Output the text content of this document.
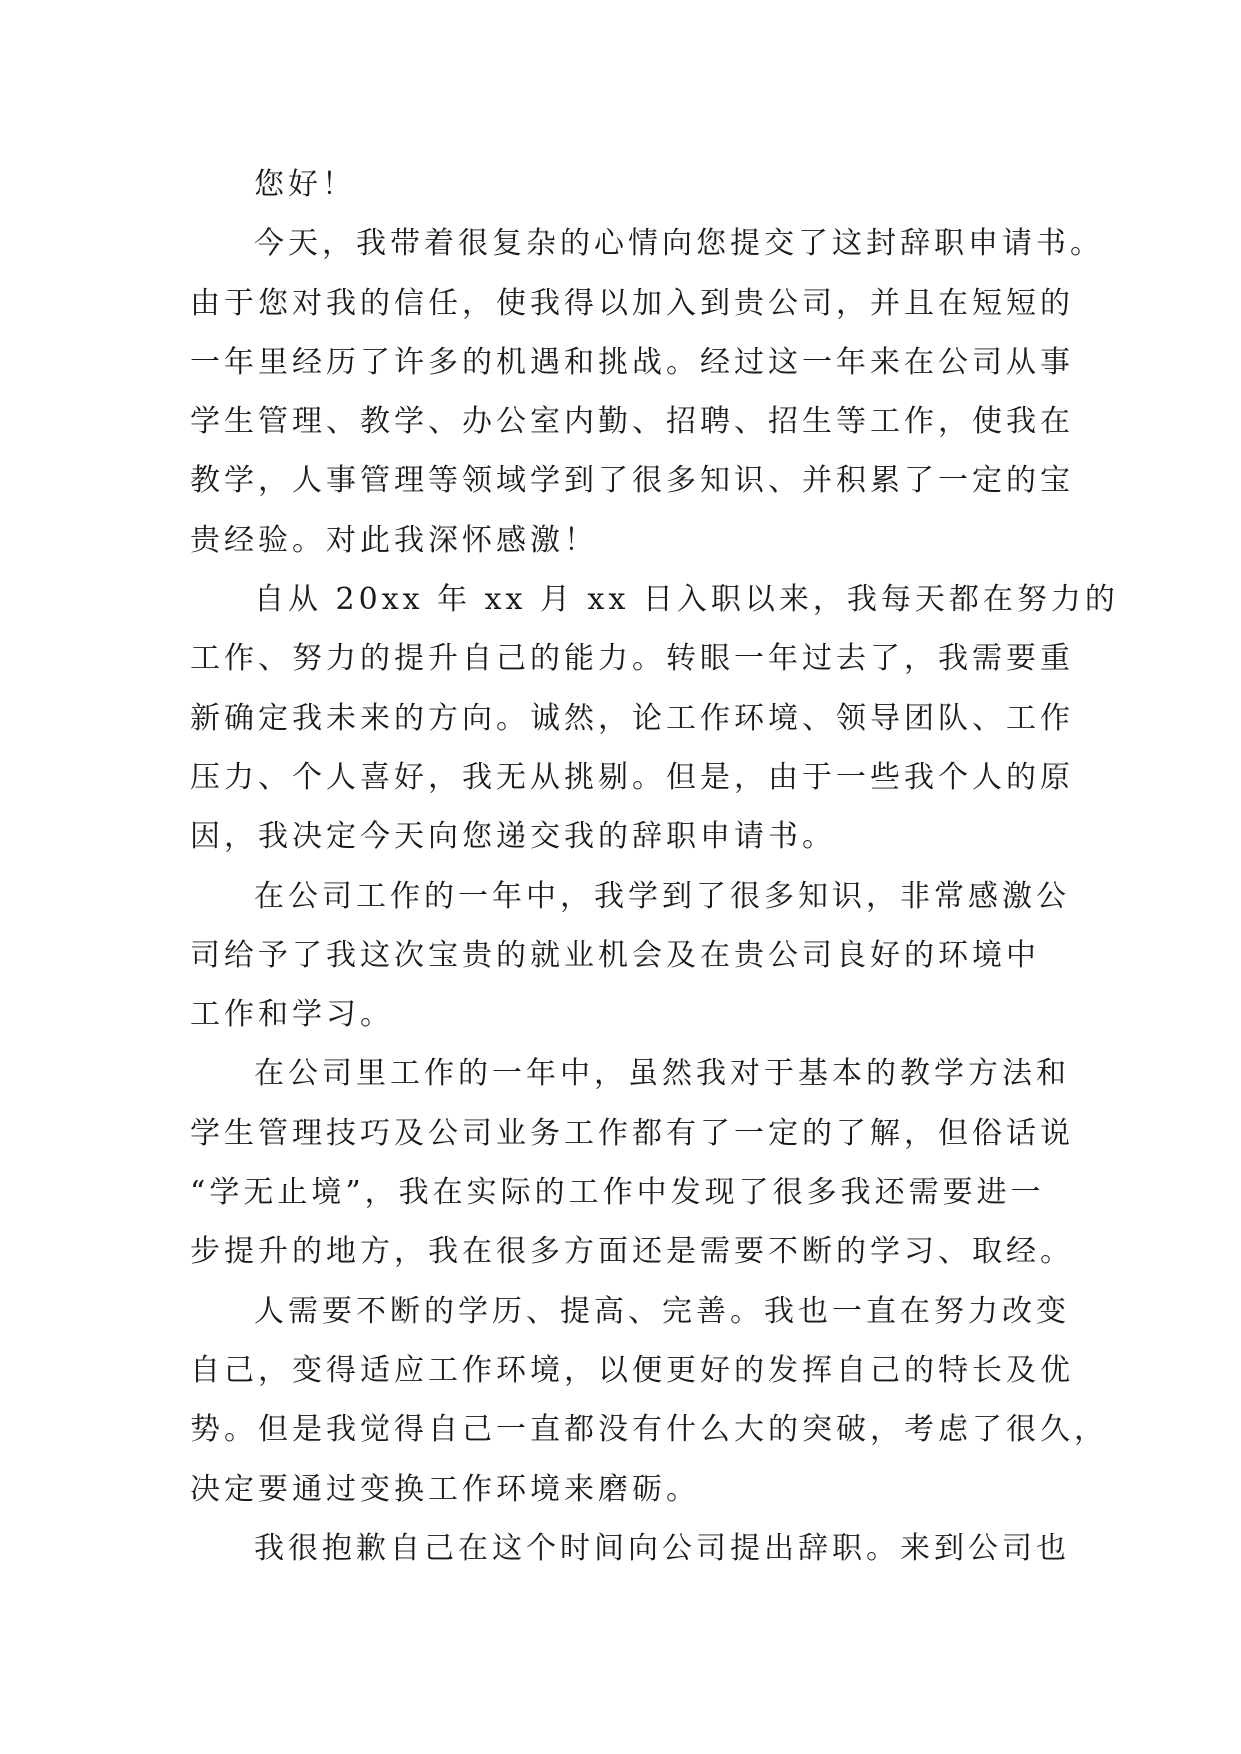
您好！
今天，我带着很复杂的心情向您提交了这封辞职申请书。
由于您对我的信任，使我得以加入到贵公司，并且在短短的
一年里经历了许多的机遇和挑战。经过这一年来在公司从事
学生管理、教学、办公室内勤、招聘、招生等工作，使我在
教学，人事管理等领域学到了很多知识、并积累了一定的宝
贵经验。对此我深怀感激！
自从 20xx 年 xx 月 xx 日入职以来，我每天都在努力的
工作、努力的提升自己的能力。转眼一年过去了，我需要重
新确定我未来的方向。诚然，论工作环境、领导团队、工作
压力、个人喜好，我无从挑剔。但是，由于一些我个人的原
因，我决定今天向您递交我的辞职申请书。
在公司工作的一年中，我学到了很多知识，非常感激公
司给予了我这次宝贵的就业机会及在贵公司良好的环境中
工作和学习。
在公司里工作的一年中，虽然我对于基本的教学方法和
学生管理技巧及公司业务工作都有了一定的了解，但俗话说
“学无止境”，我在实际的工作中发现了很多我还需要进一
步提升的地方，我在很多方面还是需要不断的学习、取经。
人需要不断的学历、提高、完善。我也一直在努力改变
自己，变得适应工作环境，以便更好的发挥自己的特长及优
势。但是我觉得自己一直都没有什么大的突破，考虑了很久，
决定要通过变换工作环境来磨砺。
我很抱歉自己在这个时间向公司提出辞职。来到公司也
